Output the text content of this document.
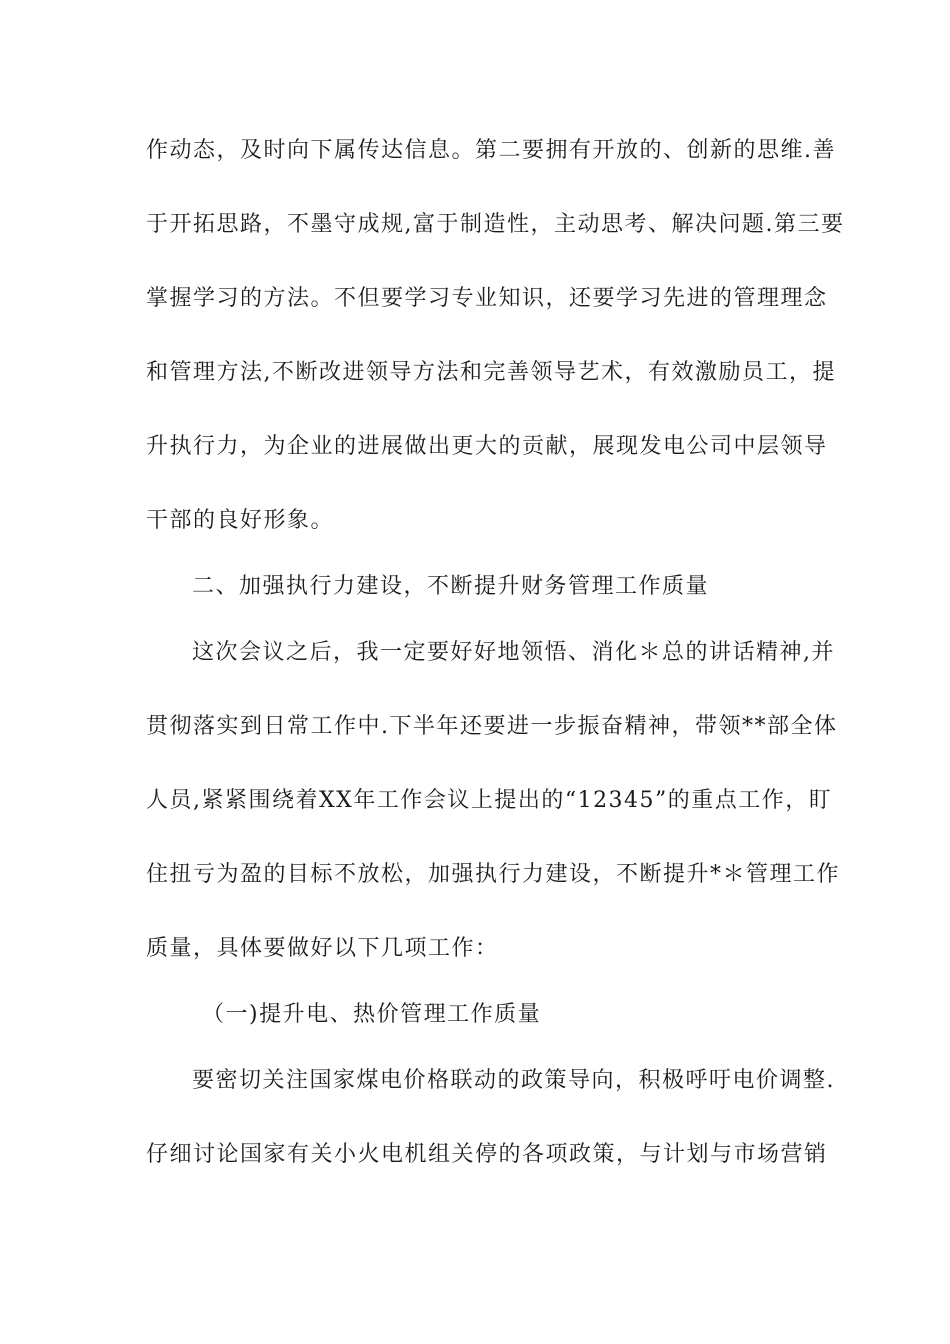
作动态，及时向下属传达信息。第二要拥有开放的、创新的思维.善
于开拓思路，不墨守成规,富于制造性，主动思考、解决问题.第三要
掌握学习的方法。不但要学习专业知识，还要学习先进的管理理念
和管理方法,不断改进领导方法和完善领导艺术，有效激励员工，提
升执行力，为企业的进展做出更大的贡献，展现发电公司中层领导
干部的良好形象。
二、加强执行力建设，不断提升财务管理工作质量
这次会议之后，我一定要好好地领悟、消化＊总的讲话精神,并
贯彻落实到日常工作中.下半年还要进一步振奋精神，带领**部全体
人员,紧紧围绕着XX年工作会议上提出的“12345”的重点工作，盯
住扭亏为盈的目标不放松，加强执行力建设，不断提升*＊管理工作
质量，具体要做好以下几项工作：
（一)提升电、热价管理工作质量
要密切关注国家煤电价格联动的政策导向，积极呼吁电价调整.
仔细讨论国家有关小火电机组关停的各项政策，与计划与市场营销
